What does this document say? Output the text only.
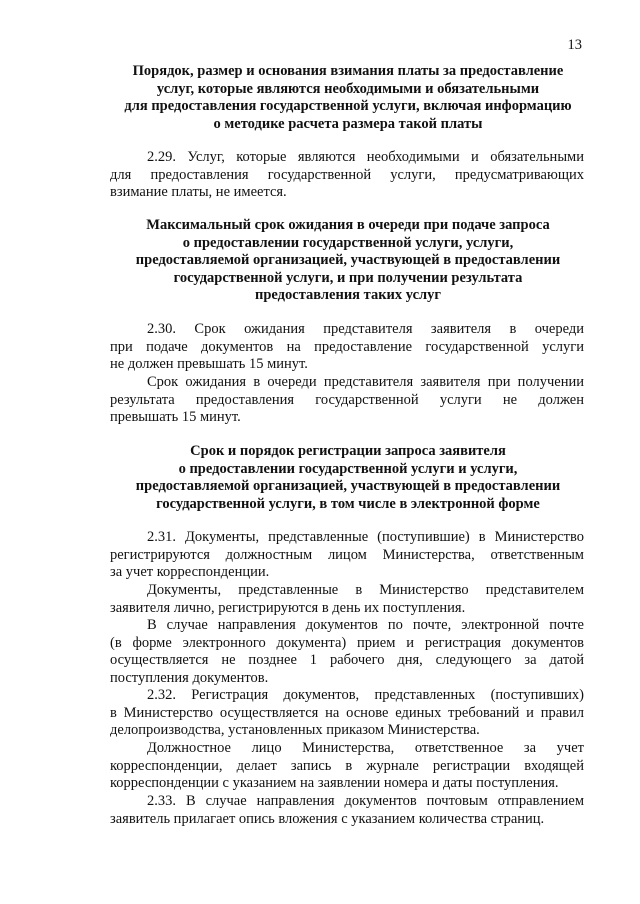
13
Порядок, размер и основания взимания платы за предоставление
услуг, которые являются необходимыми и обязательными
для предоставления государственной услуги, включая информацию
о методике расчета размера такой платы
2.29. Услуг, которые являются необходимыми и обязательными
для предоставления государственной услуги, предусматривающих
взимание платы, не имеется.
Максимальный срок ожидания в очереди при подаче запроса
о предоставлении государственной услуги, услуги,
предоставляемой организацией, участвующей в предоставлении
государственной услуги, и при получении результата
предоставления таких услуг
2.30. Срок ожидания представителя заявителя в очереди
при подаче документов на предоставление государственной услуги
не должен превышать 15 минут.
Срок ожидания в очереди представителя заявителя при получении
результата предоставления государственной услуги не должен
превышать 15 минут.
Срок и порядок регистрации запроса заявителя
о предоставлении государственной услуги и услуги,
предоставляемой организацией, участвующей в предоставлении
государственной услуги, в том числе в электронной форме
2.31. Документы, представленные (поступившие) в Министерство
регистрируются должностным лицом Министерства, ответственным
за учет корреспонденции.
Документы, представленные в Министерство представителем
заявителя лично, регистрируются в день их поступления.
В случае направления документов по почте, электронной почте
(в форме электронного документа) прием и регистрация документов
осуществляется не позднее 1 рабочего дня, следующего за датой
поступления документов.
2.32. Регистрация документов, представленных (поступивших)
в Министерство осуществляется на основе единых требований и правил
делопроизводства, установленных приказом Министерства.
Должностное лицо Министерства, ответственное за учет
корреспонденции, делает запись в журнале регистрации входящей
корреспонденции с указанием на заявлении номера и даты поступления.
2.33. В случае направления документов почтовым отправлением
заявитель прилагает опись вложения с указанием количества страниц.
